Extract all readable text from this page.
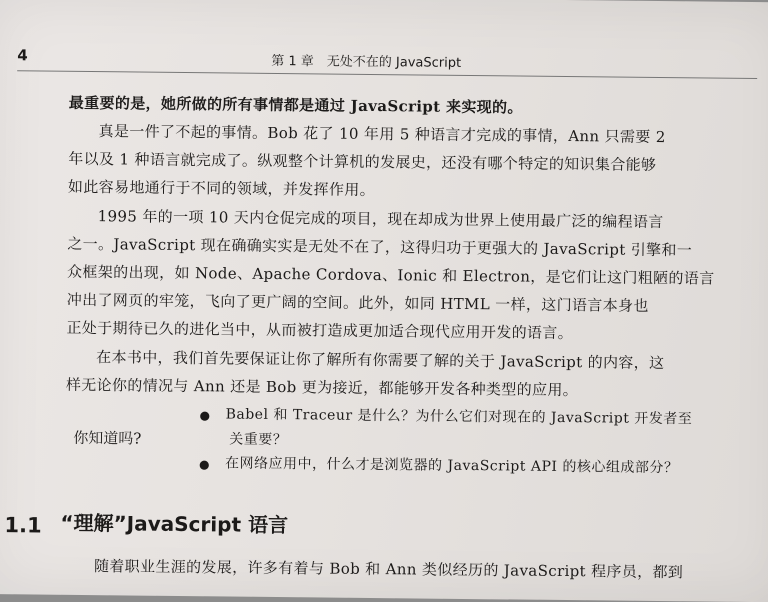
4	第 1 章　无处不在的 JavaScript
最重要的是，她所做的所有事情都是通过 JavaScript 来实现的。
真是一件了不起的事情。Bob 花了 10 年用 5 种语言才完成的事情，Ann 只需要 2
年以及 1 种语言就完成了。纵观整个计算机的发展史，还没有哪个特定的知识集合能够
如此容易地通行于不同的领域，并发挥作用。
1995 年的一项 10 天内仓促完成的项目，现在却成为世界上使用最广泛的编程语言
之一。JavaScript 现在确确实实是无处不在了，这得归功于更强大的 JavaScript 引擎和一
众框架的出现，如 Node、Apache Cordova、Ionic 和 Electron，是它们让这门粗陋的语言
冲出了网页的牢笼，飞向了更广阔的空间。此外，如同 HTML 一样，这门语言本身也
正处于期待已久的进化当中，从而被打造成更加适合现代应用开发的语言。
在本书中，我们首先要保证让你了解所有你需要了解的关于 JavaScript 的内容，这
样无论你的情况与 Ann 还是 Bob 更为接近，都能够开发各种类型的应用。
你知道吗?
● Babel 和 Traceur 是什么？为什么它们对现在的 JavaScript 开发者至
关重要？
● 在网络应用中，什么才是浏览器的 JavaScript API 的核心组成部分？
1.1 “理解”JavaScript 语言
随着职业生涯的发展，许多有着与 Bob 和 Ann 类似经历的 JavaScript 程序员，都到
